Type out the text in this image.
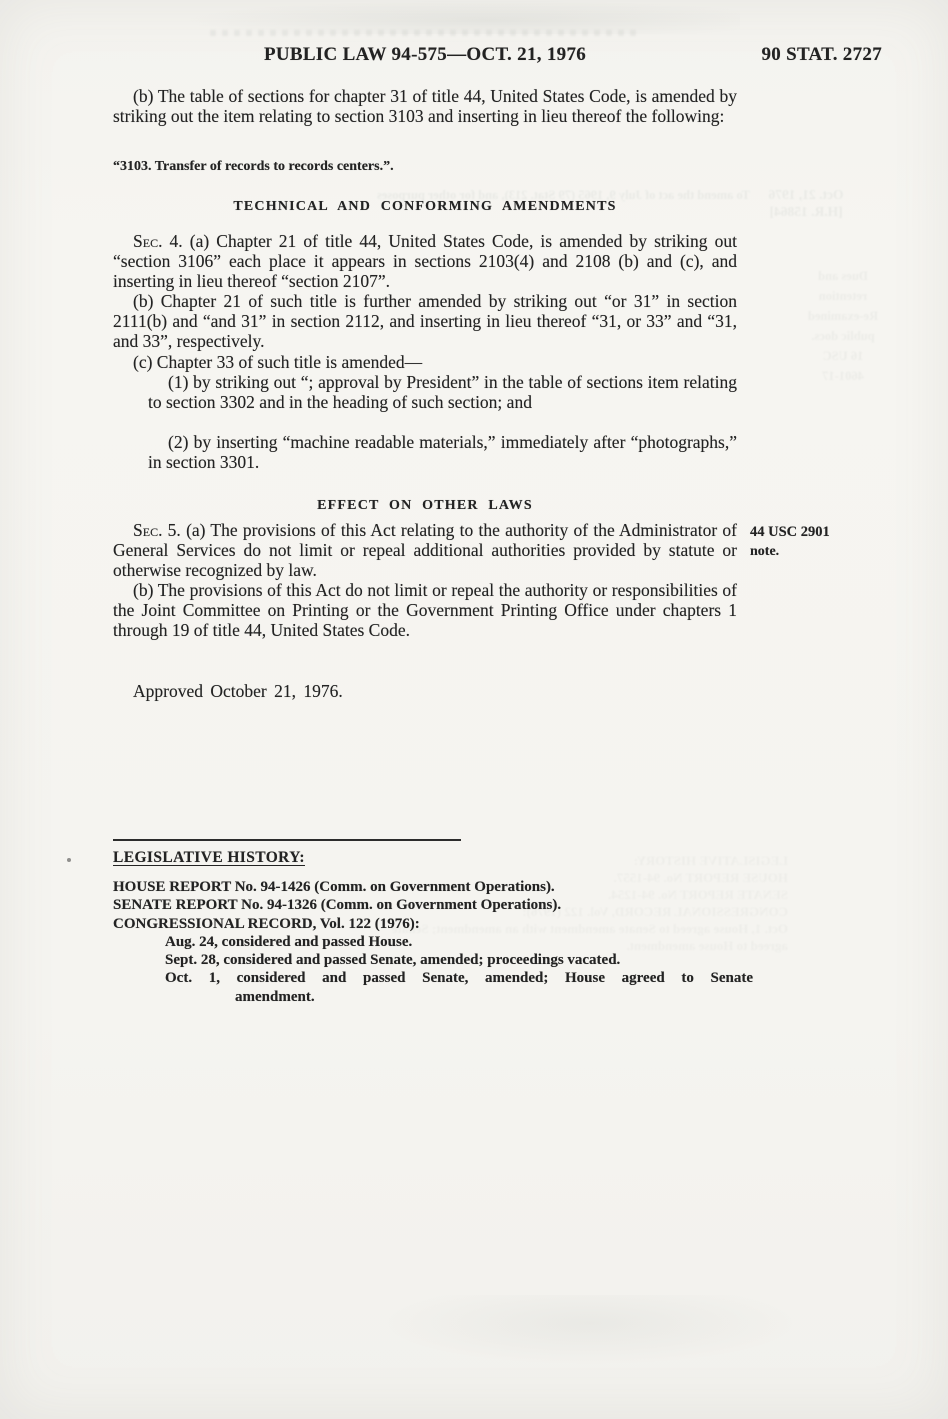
Oct. 21, 1976
[H.R. 15864]
To amend the act of July 9, 1965 (79 Stat. 213), and for other purposes
Dues and
retention
Re-examined
public docs.
16 USC
4601-17
LEGISLATIVE HISTORY:
HOUSE REPORT No. 94-1557.
SENATE REPORT No. 94-1254.
CONGRESSIONAL RECORD, Vol. 122 (1976):
Oct. 1, House agreed to Senate amendment with an amendment; Senate agreed to House amendment.
PUBLIC LAW 94-575—OCT. 21, 1976	90 STAT. 2727

(b) The table of sections for chapter 31 of title 44, United States Code, is amended by striking out the item relating to section 3103 and inserting in lieu thereof the following:

“3103. Transfer of records to records centers.”.

TECHNICAL AND CONFORMING AMENDMENTS

Sec. 4. (a) Chapter 21 of title 44, United States Code, is amended by striking out “section 3106” each place it appears in sections 2103(4) and 2108 (b) and (c), and inserting in lieu thereof “section 2107”.

(b) Chapter 21 of such title is further amended by striking out “or 31” in section 2111(b) and “and 31” in section 2112, and inserting in lieu thereof “31, or 33” and “31, and 33”, respectively.

(c) Chapter 33 of such title is amended—

(1) by striking out “; approval by President” in the table of sections item relating to section 3302 and in the heading of such section; and

(2) by inserting “machine readable materials,” immediately after “photographs,” in section 3301.

EFFECT ON OTHER LAWS

Sec. 5. (a) The provisions of this Act relating to the authority of the Administrator of General Services do not limit or repeal additional authorities provided by statute or otherwise recognized by law.

(b) The provisions of this Act do not limit or repeal the authority or responsibilities of the Joint Committee on Printing or the Government Printing Office under chapters 1 through 19 of title 44, United States Code.

Approved October 21, 1976.

44 USC 2901
note.

LEGISLATIVE HISTORY:

HOUSE REPORT No. 94-1426 (Comm. on Government Operations).
SENATE REPORT No. 94-1326 (Comm. on Government Operations).
CONGRESSIONAL RECORD, Vol. 122 (1976):
Aug. 24, considered and passed House.
Sept. 28, considered and passed Senate, amended; proceedings vacated.
Oct. 1, considered and passed Senate, amended; House agreed to Senate
amendment.
